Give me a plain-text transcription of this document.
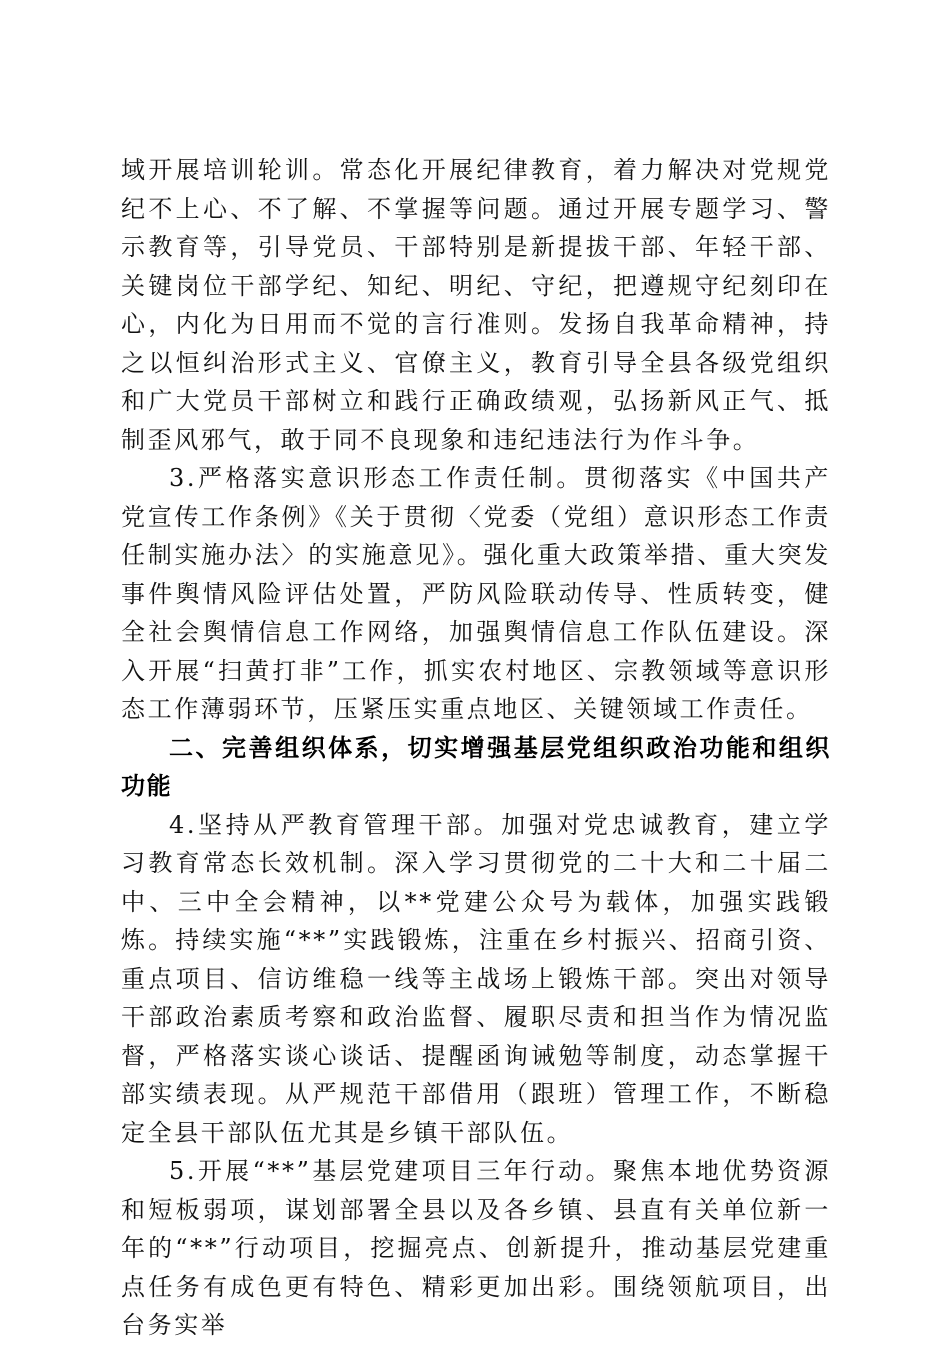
域开展培训轮训。常态化开展纪律教育，着力解决对党规党纪不上心、不了解、不掌握等问题。通过开展专题学习、警示教育等，引导党员、干部特别是新提拔干部、年轻干部、关键岗位干部学纪、知纪、明纪、守纪，把遵规守纪刻印在心，内化为日用而不觉的言行准则。发扬自我革命精神，持之以恒纠治形式主义、官僚主义，教育引导全县各级党组织和广大党员干部树立和践行正确政绩观，弘扬新风正气、抵制歪风邪气，敢于同不良现象和违纪违法行为作斗争。

3.严格落实意识形态工作责任制。贯彻落实《中国共产党宣传工作条例》《关于贯彻〈党委（党组）意识形态工作责任制实施办法〉的实施意见》。强化重大政策举措、重大突发事件舆情风险评估处置，严防风险联动传导、性质转变，健全社会舆情信息工作网络，加强舆情信息工作队伍建设。深入开展“扫黄打非”工作，抓实农村地区、宗教领域等意识形态工作薄弱环节，压紧压实重点地区、关键领域工作责任。

二、完善组织体系，切实增强基层党组织政治功能和组织功能

4.坚持从严教育管理干部。加强对党忠诚教育，建立学习教育常态长效机制。深入学习贯彻党的二十大和二十届二中、三中全会精神，以**党建公众号为载体，加强实践锻炼。持续实施“**”实践锻炼，注重在乡村振兴、招商引资、重点项目、信访维稳一线等主战场上锻炼干部。突出对领导干部政治素质考察和政治监督、履职尽责和担当作为情况监督，严格落实谈心谈话、提醒函询诫勉等制度，动态掌握干部实绩表现。从严规范干部借用（跟班）管理工作，不断稳定全县干部队伍尤其是乡镇干部队伍。

5.开展“**”基层党建项目三年行动。聚焦本地优势资源和短板弱项，谋划部署全县以及各乡镇、县直有关单位新一年的“**”行动项目，挖掘亮点、创新提升，推动基层党建重点任务有成色更有特色、精彩更加出彩。围绕领航项目，出台务实举
